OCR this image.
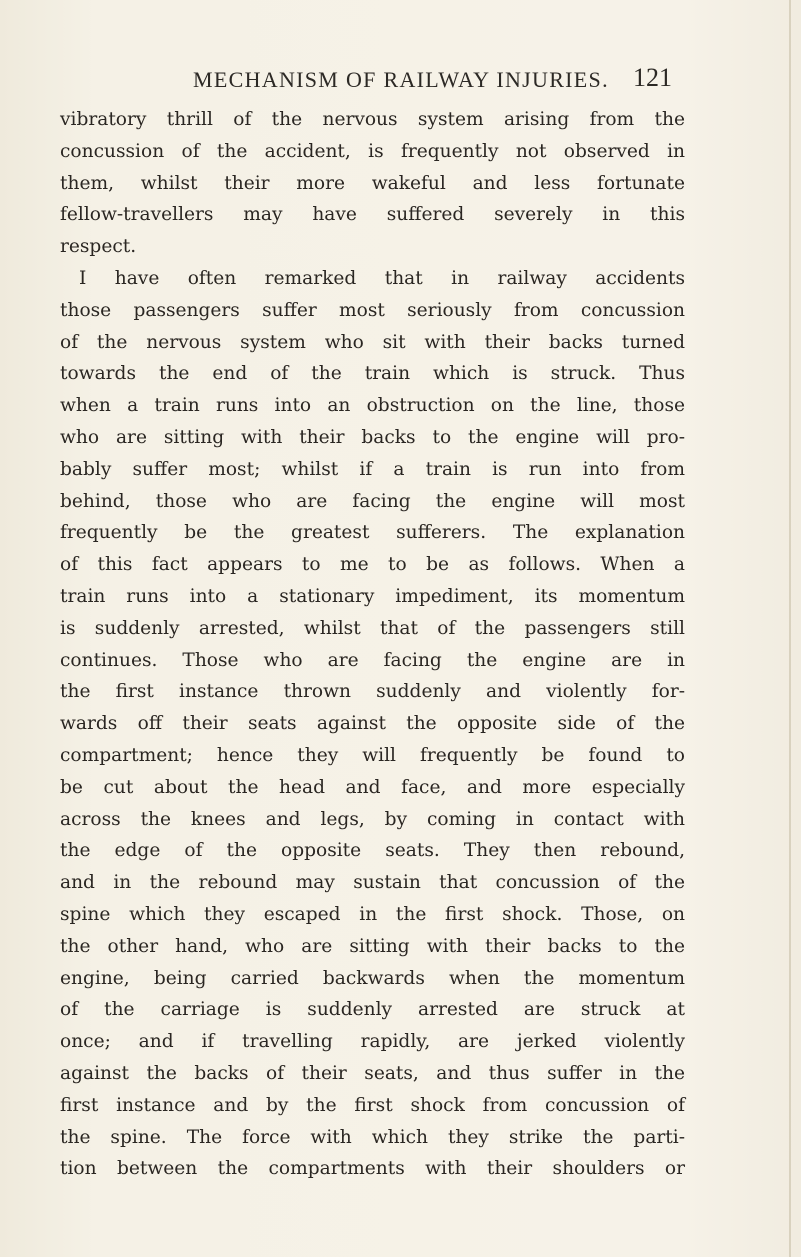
MECHANISM OF RAILWAY INJURIES. 121
vibratory thrill of the nervous system arising from the
concussion of the accident, is frequently not observed in
them, whilst their more wakeful and less fortunate
fellow-travellers may have suffered severely in this
respect.
I have often remarked that in railway accidents
those passengers suffer most seriously from concussion
of the nervous system who sit with their backs turned
towards the end of the train which is struck. Thus
when a train runs into an obstruction on the line, those
who are sitting with their backs to the engine will pro-
bably suffer most; whilst if a train is run into from
behind, those who are facing the engine will most
frequently be the greatest sufferers. The explanation
of this fact appears to me to be as follows. When a
train runs into a stationary impediment, its momentum
is suddenly arrested, whilst that of the passengers still
continues. Those who are facing the engine are in
the first instance thrown suddenly and violently for-
wards off their seats against the opposite side of the
compartment; hence they will frequently be found to
be cut about the head and face, and more especially
across the knees and legs, by coming in contact with
the edge of the opposite seats. They then rebound,
and in the rebound may sustain that concussion of the
spine which they escaped in the first shock. Those, on
the other hand, who are sitting with their backs to the
engine, being carried backwards when the momentum
of the carriage is suddenly arrested are struck at
once; and if travelling rapidly, are jerked violently
against the backs of their seats, and thus suffer in the
first instance and by the first shock from concussion of
the spine. The force with which they strike the parti-
tion between the compartments with their shoulders or
